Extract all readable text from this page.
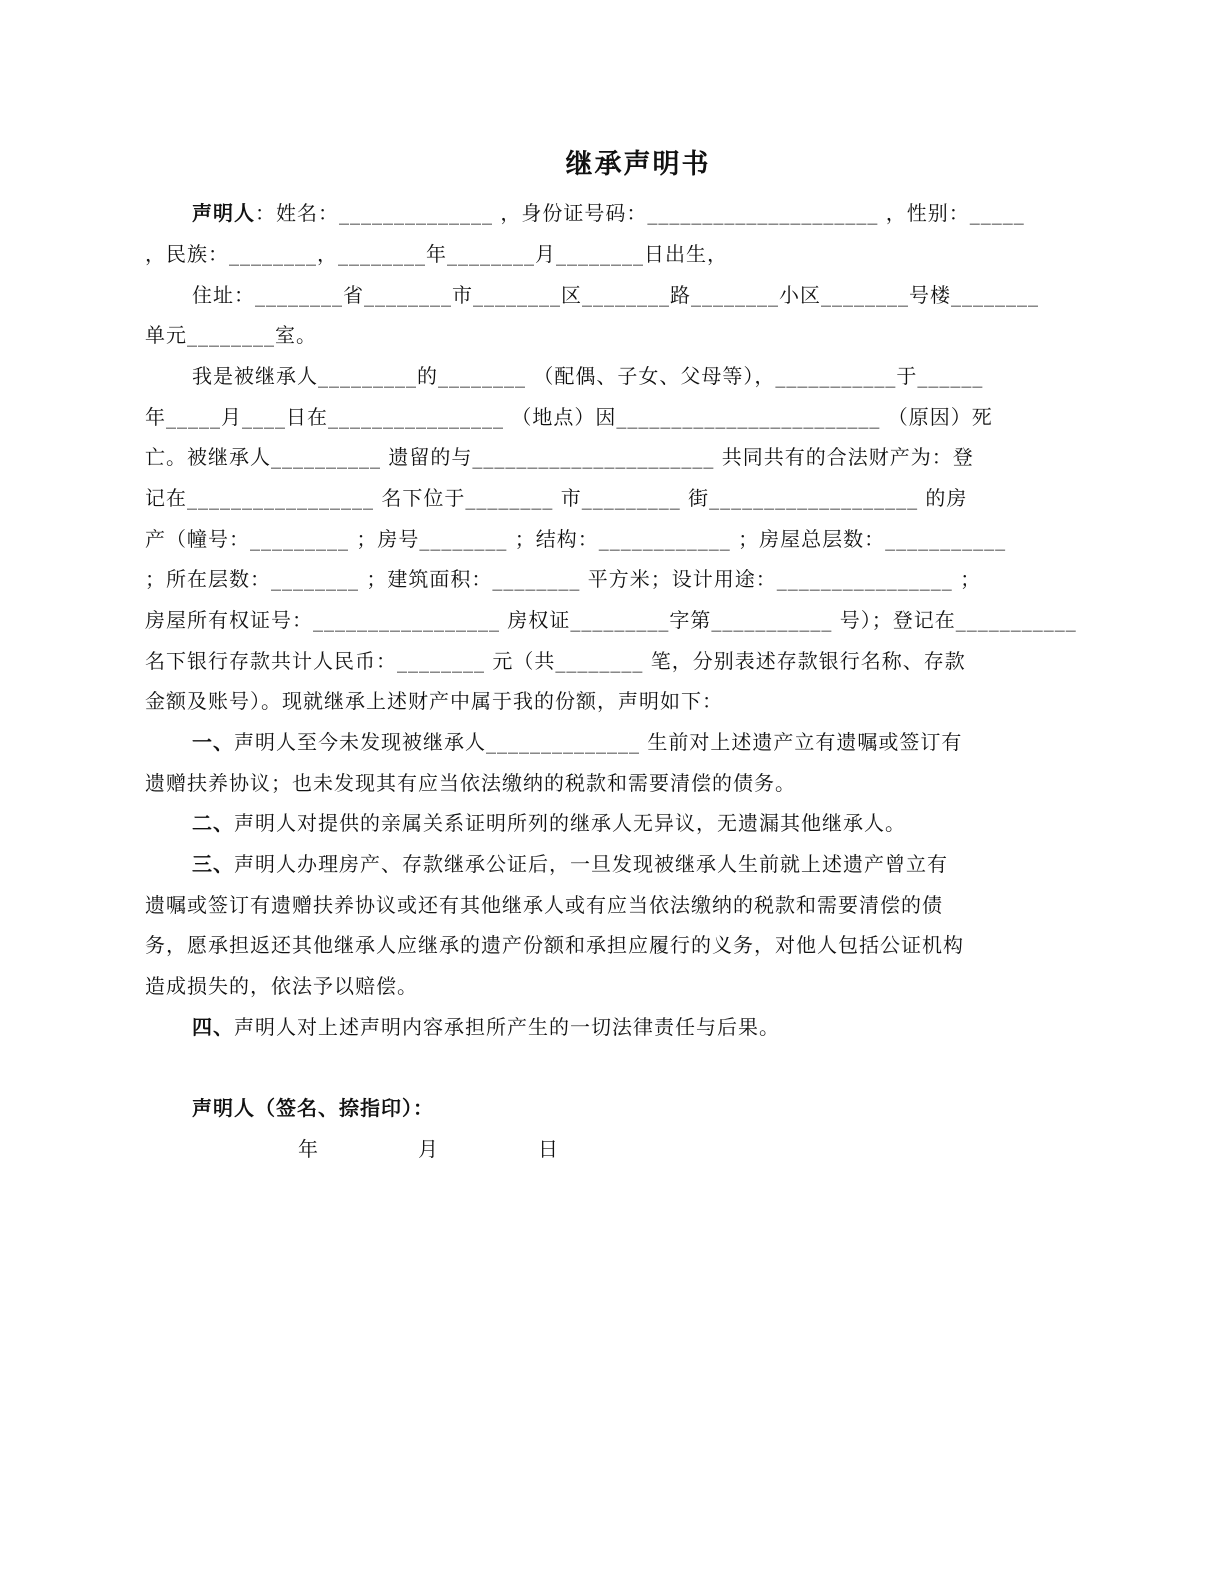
继承声明书
声明人：姓名：______________ ，身份证号码：_____________________ ，性别：_____
，民族：________，________年________月________日出生，
住址：________省________市________区________路________小区________号楼________
单元________室。
我是被继承人_________的________ （配偶、子女、父母等），___________于______
年_____月____日在________________ （地点）因________________________ （原因）死
亡。被继承人__________ 遗留的与______________________ 共同共有的合法财产为：登
记在_________________ 名下位于________ 市_________ 街___________________ 的房
产（幢号：_________ ；房号________ ；结构：____________ ；房屋总层数：___________
；所在层数：________ ；建筑面积：________ 平方米；设计用途：________________ ；
房屋所有权证号：_________________ 房权证_________字第___________ 号）；登记在___________
名下银行存款共计人民币：________ 元（共________ 笔，分别表述存款银行名称、存款
金额及账号）。现就继承上述财产中属于我的份额，声明如下：
一、声明人至今未发现被继承人______________ 生前对上述遗产立有遗嘱或签订有
遗赠扶养协议；也未发现其有应当依法缴纳的税款和需要清偿的债务。
二、声明人对提供的亲属关系证明所列的继承人无异议，无遗漏其他继承人。
三、声明人办理房产、存款继承公证后，一旦发现被继承人生前就上述遗产曾立有
遗嘱或签订有遗赠扶养协议或还有其他继承人或有应当依法缴纳的税款和需要清偿的债
务，愿承担返还其他继承人应继承的遗产份额和承担应履行的义务，对他人包括公证机构
造成损失的，依法予以赔偿。
四、声明人对上述声明内容承担所产生的一切法律责任与后果。
声明人（签名、捺指印）：
年	月	日
